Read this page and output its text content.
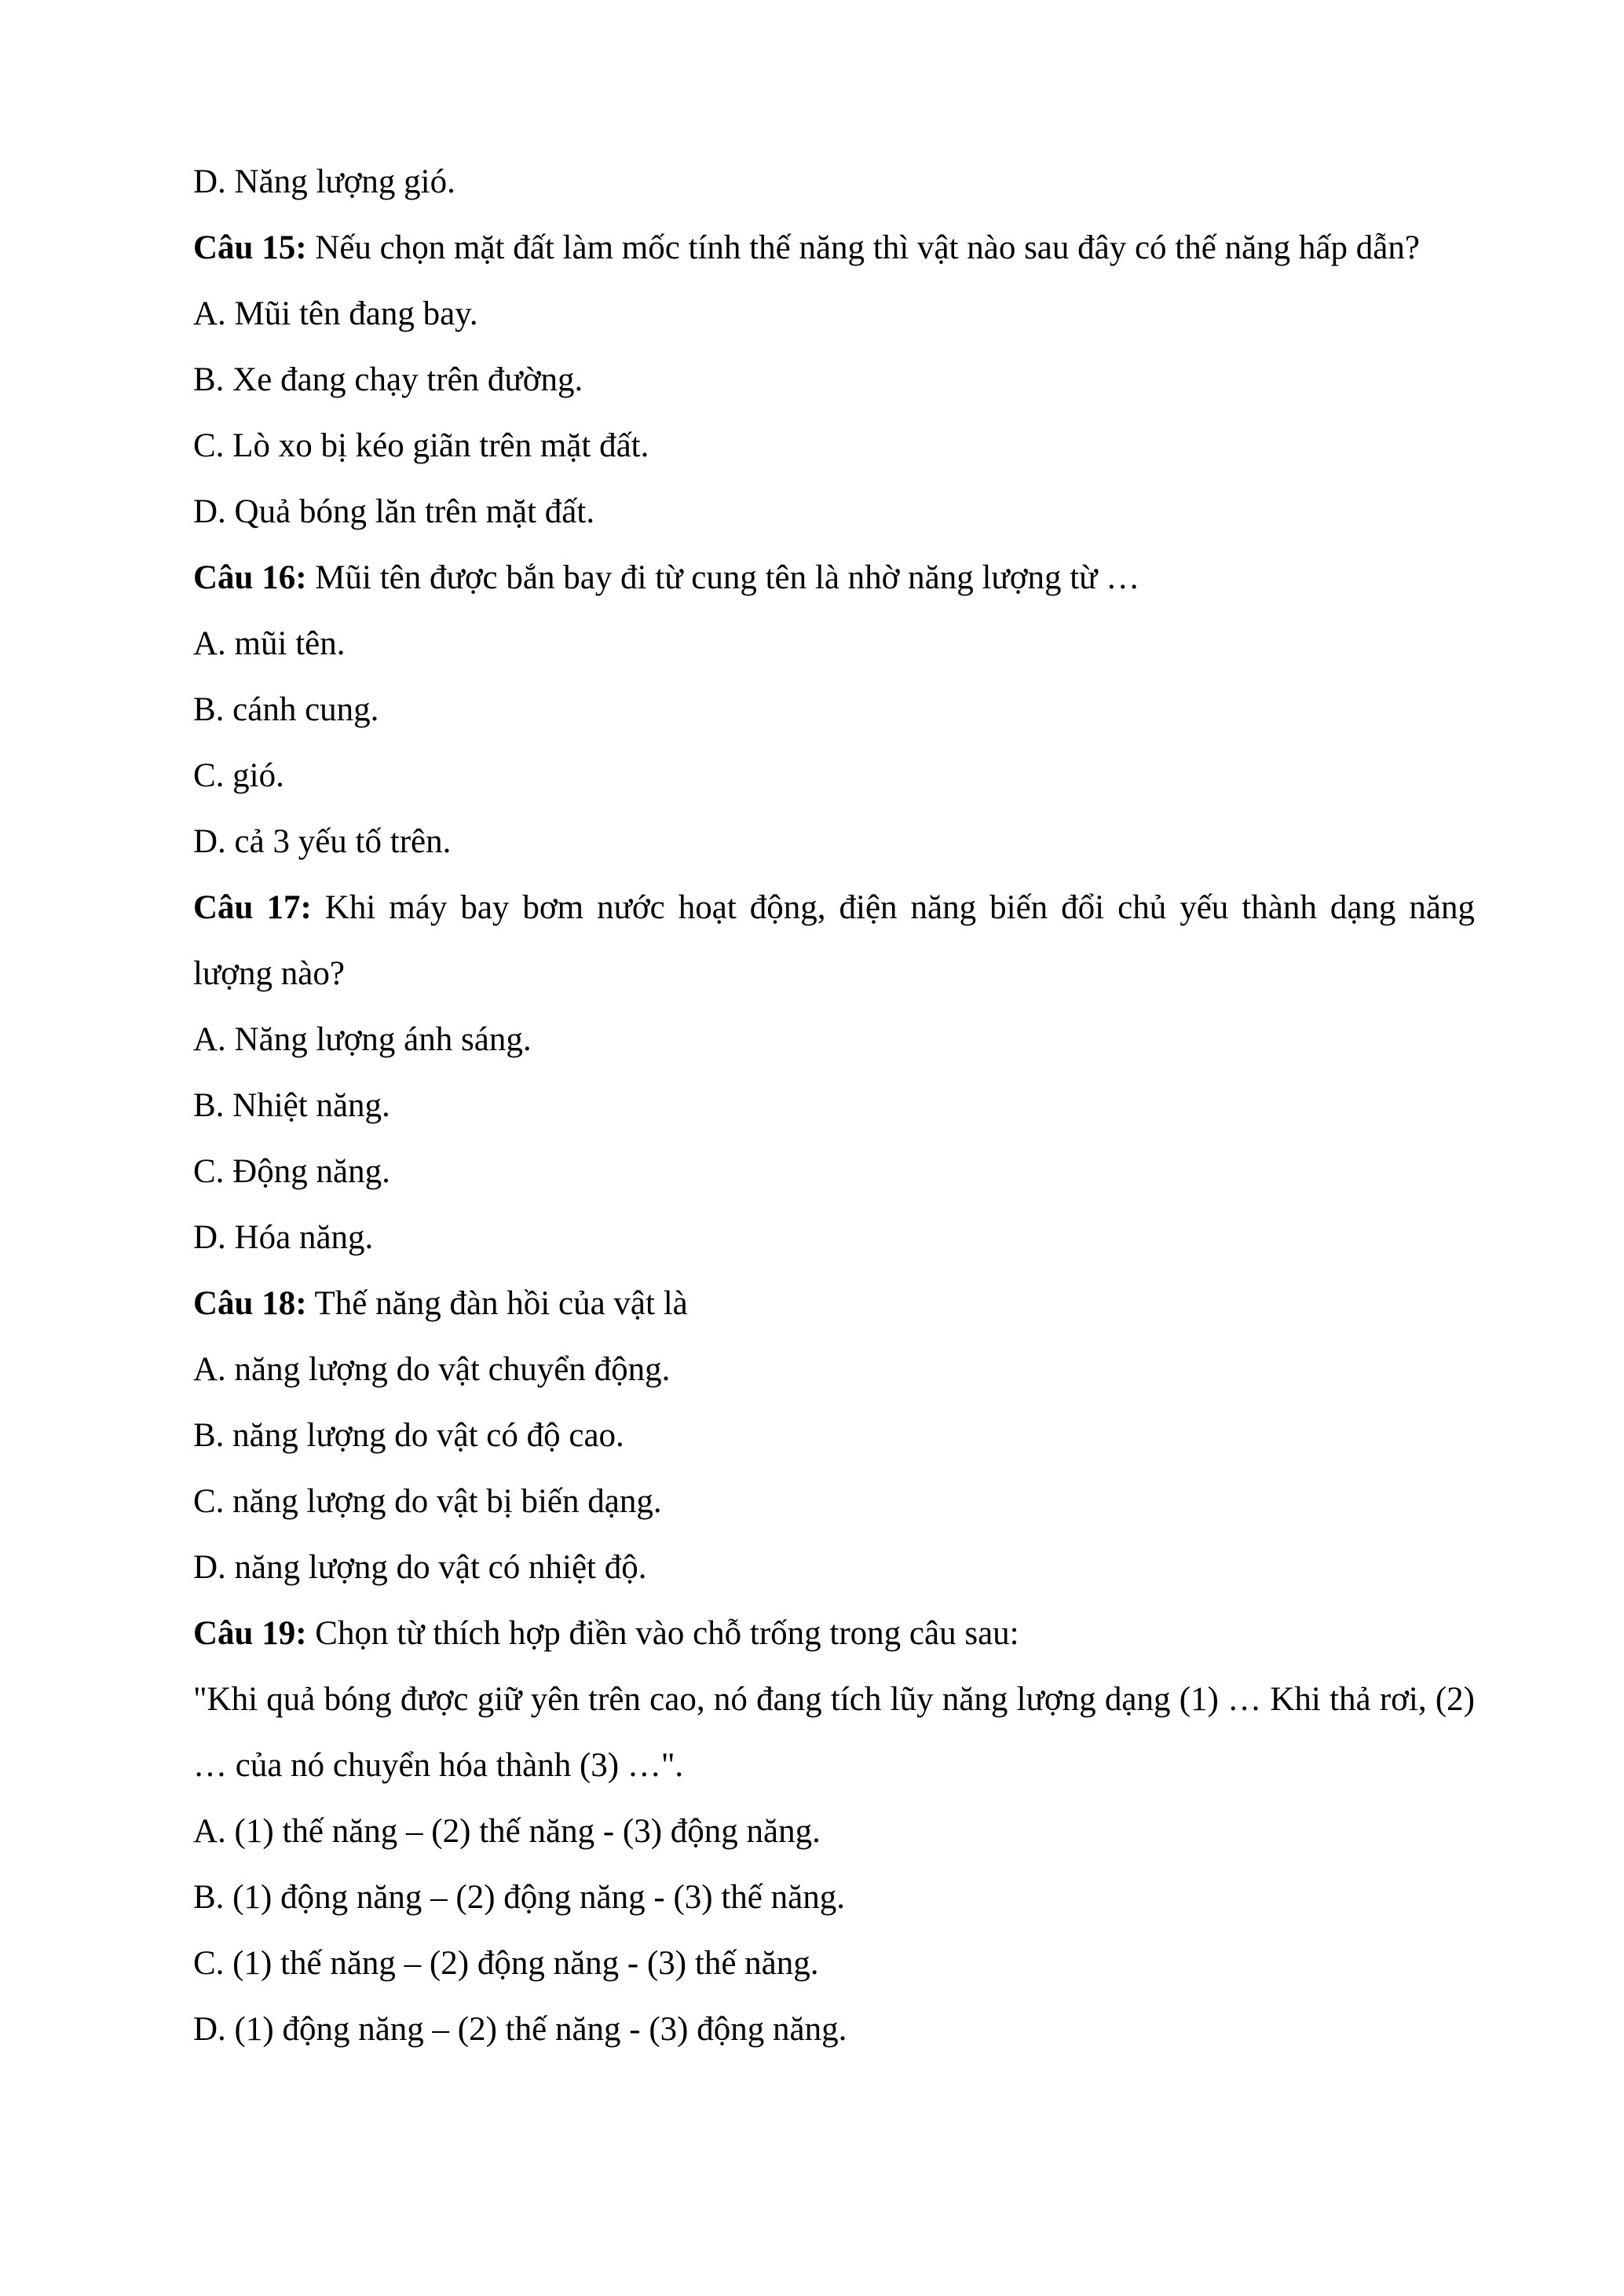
D. Năng lượng gió.

Câu 15: Nếu chọn mặt đất làm mốc tính thế năng thì vật nào sau đây có thế năng hấp dẫn?

A. Mũi tên đang bay.

B. Xe đang chạy trên đường.

C. Lò xo bị kéo giãn trên mặt đất.

D. Quả bóng lăn trên mặt đất.

Câu 16: Mũi tên được bắn bay đi từ cung tên là nhờ năng lượng từ …

A. mũi tên.

B. cánh cung.

C. gió.

D. cả 3 yếu tố trên.

Câu 17: Khi máy bay bơm nước hoạt động, điện năng biến đổi chủ yếu thành dạng năng lượng nào?

A. Năng lượng ánh sáng.

B. Nhiệt năng.

C. Động năng.

D. Hóa năng.

Câu 18: Thế năng đàn hồi của vật là

A. năng lượng do vật chuyển động.

B. năng lượng do vật có độ cao.

C. năng lượng do vật bị biến dạng.

D. năng lượng do vật có nhiệt độ.

Câu 19: Chọn từ thích hợp điền vào chỗ trống trong câu sau:

"Khi quả bóng được giữ yên trên cao, nó đang tích lũy năng lượng dạng (1) … Khi thả rơi, (2) … của nó chuyển hóa thành (3) …".

A. (1) thế năng – (2) thế năng - (3) động năng.

B. (1) động năng – (2) động năng - (3) thế năng.

C. (1) thế năng – (2) động năng - (3) thế năng.

D. (1) động năng – (2) thế năng - (3) động năng.
